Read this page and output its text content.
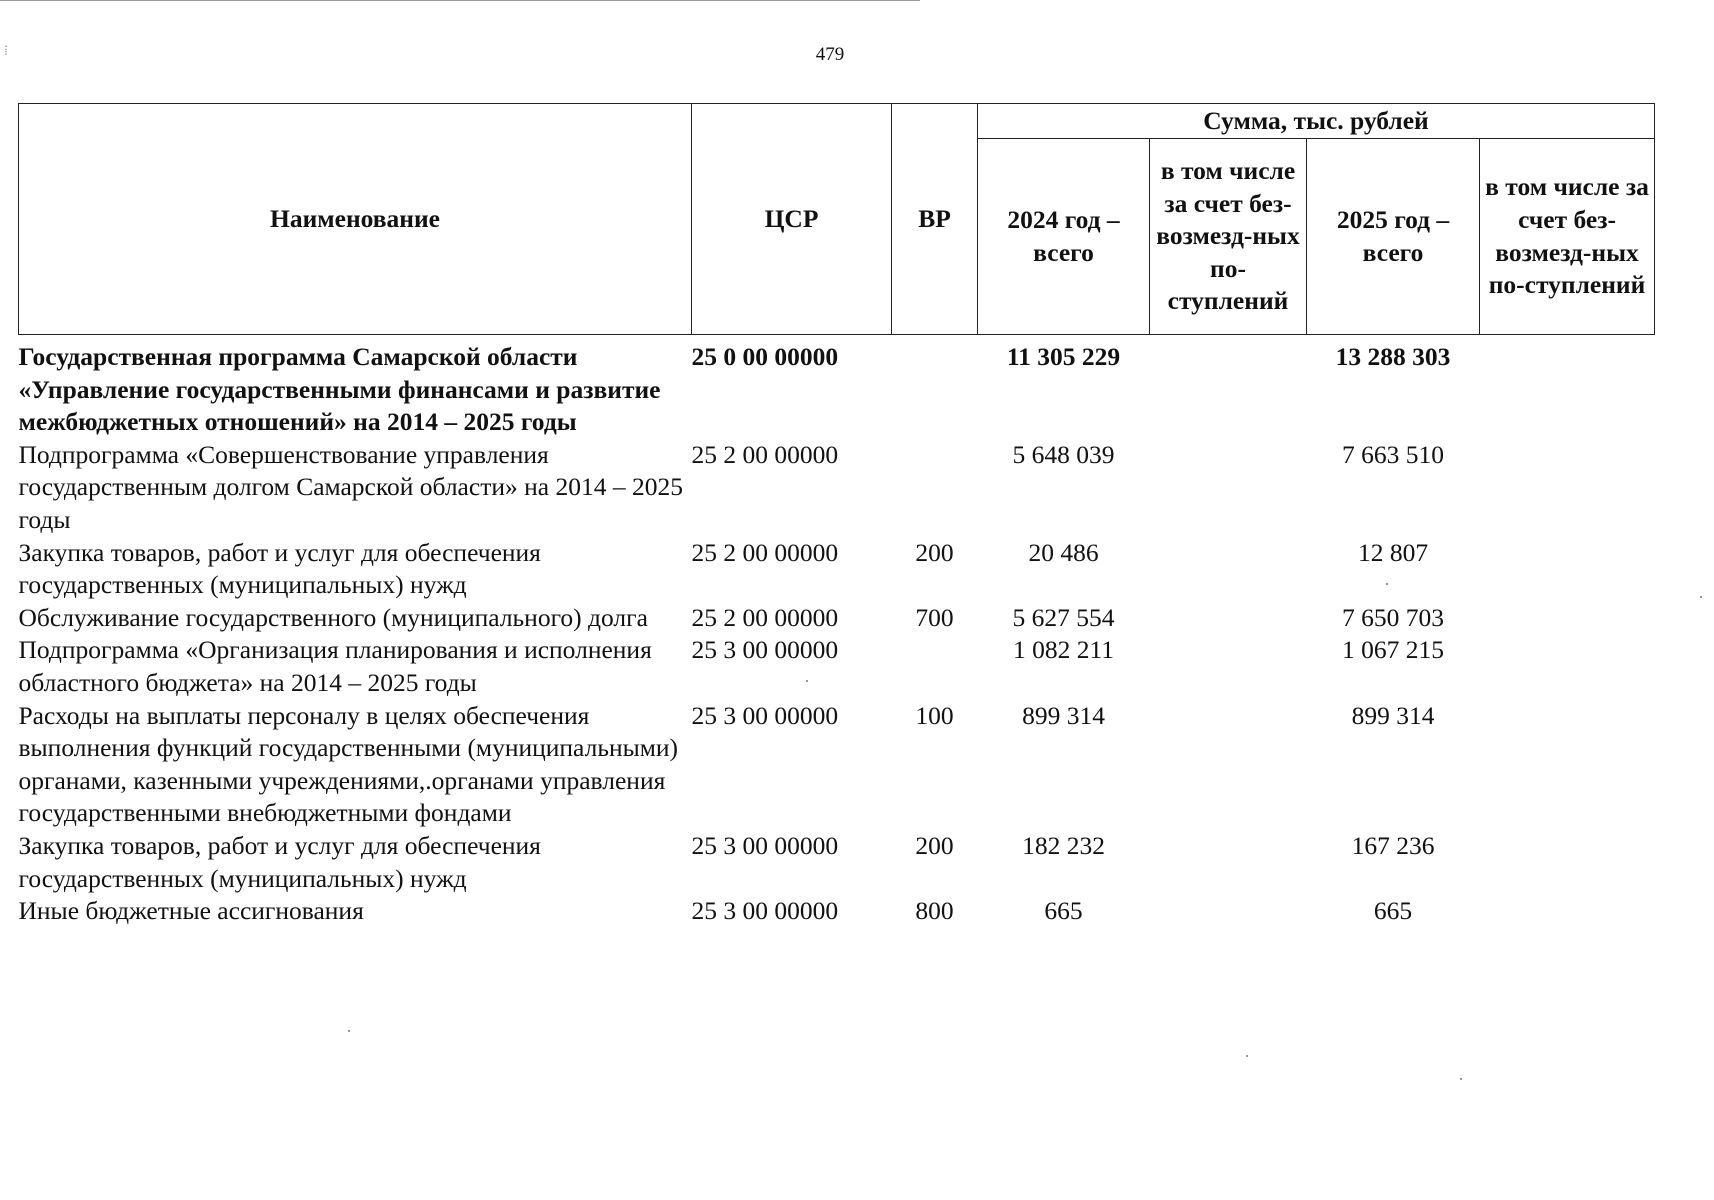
⁞	479
Наименование	ЦСР	ВР	Сумма, тыс. рублей			
			2024 год – всего	в том числе за счет без-возмезд-ных по-ступлений	2025 год – всего	в том числе за счет без-возмезд-ных по-ступлений
Государственная программа Самарской области «Управление государственными финансами и развитие межбюджетных отношений» на 2014 – 2025 годы	25 0 00 00000		11 305 229		13 288 303	
Подпрограмма «Совершенствование управления государственным долгом Самарской области» на 2014 – 2025 годы	25 2 00 00000		5 648 039		7 663 510	
Закупка товаров, работ и услуг для обеспечения государственных (муниципальных) нужд	25 2 00 00000	200	20 486		12 807	
Обслуживание государственного (муниципального) долга	25 2 00 00000	700	5 627 554		7 650 703	
Подпрограмма «Организация планирования и исполнения областного бюджета» на 2014 – 2025 годы	25 3 00 00000		1 082 211		1 067 215	
Расходы на выплаты персоналу в целях обеспечения выполнения функций государственными (муниципальными) органами, казенными учреждениями,.органами управления государственными внебюджетными фондами	25 3 00 00000	100	899 314		899 314	
Закупка товаров, работ и услуг для обеспечения государственных (муниципальных) нужд	25 3 00 00000	200	182 232		167 236	
Иные бюджетные ассигнования	25 3 00 00000	800	665		665	
